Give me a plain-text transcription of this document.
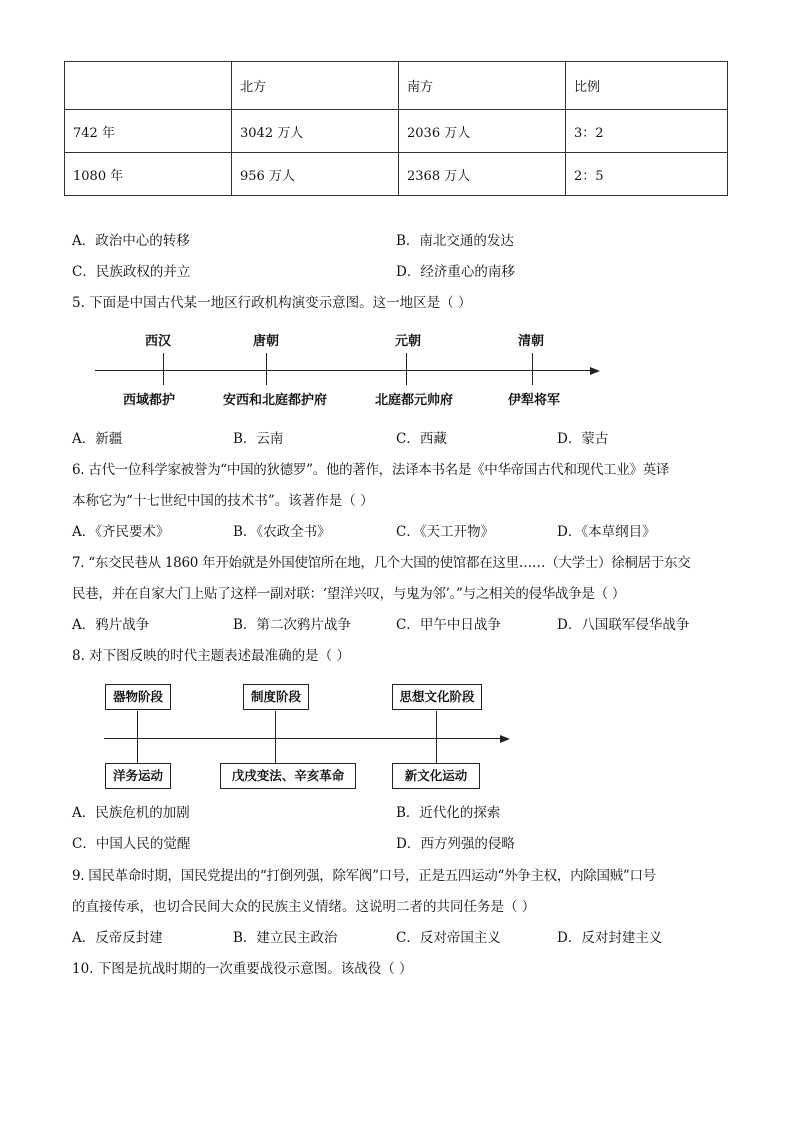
	北方	南方	比例
742 年	3042 万人	2036 万人	3：2
1080 年	956 万人	2368 万人	2：5
A．政治中心的转移	B．南北交通的发达
C．民族政权的并立	D．经济重心的南移
5. 下面是中国古代某一地区行政机构演变示意图。这一地区是（ ）
西汉	唐朝	元朝	清朝
西域都护	安西和北庭都护府	北庭都元帅府	伊犁将军
A．新疆	B．云南	C．西藏	D．蒙古
6. 古代一位科学家被誉为“中国的狄德罗”。他的著作，法译本书名是《中华帝国古代和现代工业》英译
本称它为“十七世纪中国的技术书”。该著作是（ ）
A．《齐民要术》	B．《农政全书》	C．《天工开物》	D．《本草纲目》
7. “东交民巷从 1860 年开始就是外国使馆所在地，几个大国的使馆都在这里……（大学士）徐桐居于东交
民巷，并在自家大门上贴了这样一副对联：‘望洋兴叹，与鬼为邻’。”与之相关的侵华战争是（ ）
A．鸦片战争	B．第二次鸦片战争	C．甲午中日战争	D．八国联军侵华战争
8. 对下图反映的时代主题表述最准确的是（ ）
器物阶段	制度阶段	思想文化阶段
洋务运动	戊戌变法、辛亥革命	新文化运动
A．民族危机的加剧	B．近代化的探索
C．中国人民的觉醒	D．西方列强的侵略
9. 国民革命时期，国民党提出的“打倒列强，除军阀”口号，正是五四运动“外争主权，内除国贼”口号
的直接传承，也切合民间大众的民族主义情绪。这说明二者的共同任务是（ ）
A．反帝反封建	B．建立民主政治	C．反对帝国主义	D．反对封建主义
10. 下图是抗战时期的一次重要战役示意图。该战役（ ）
